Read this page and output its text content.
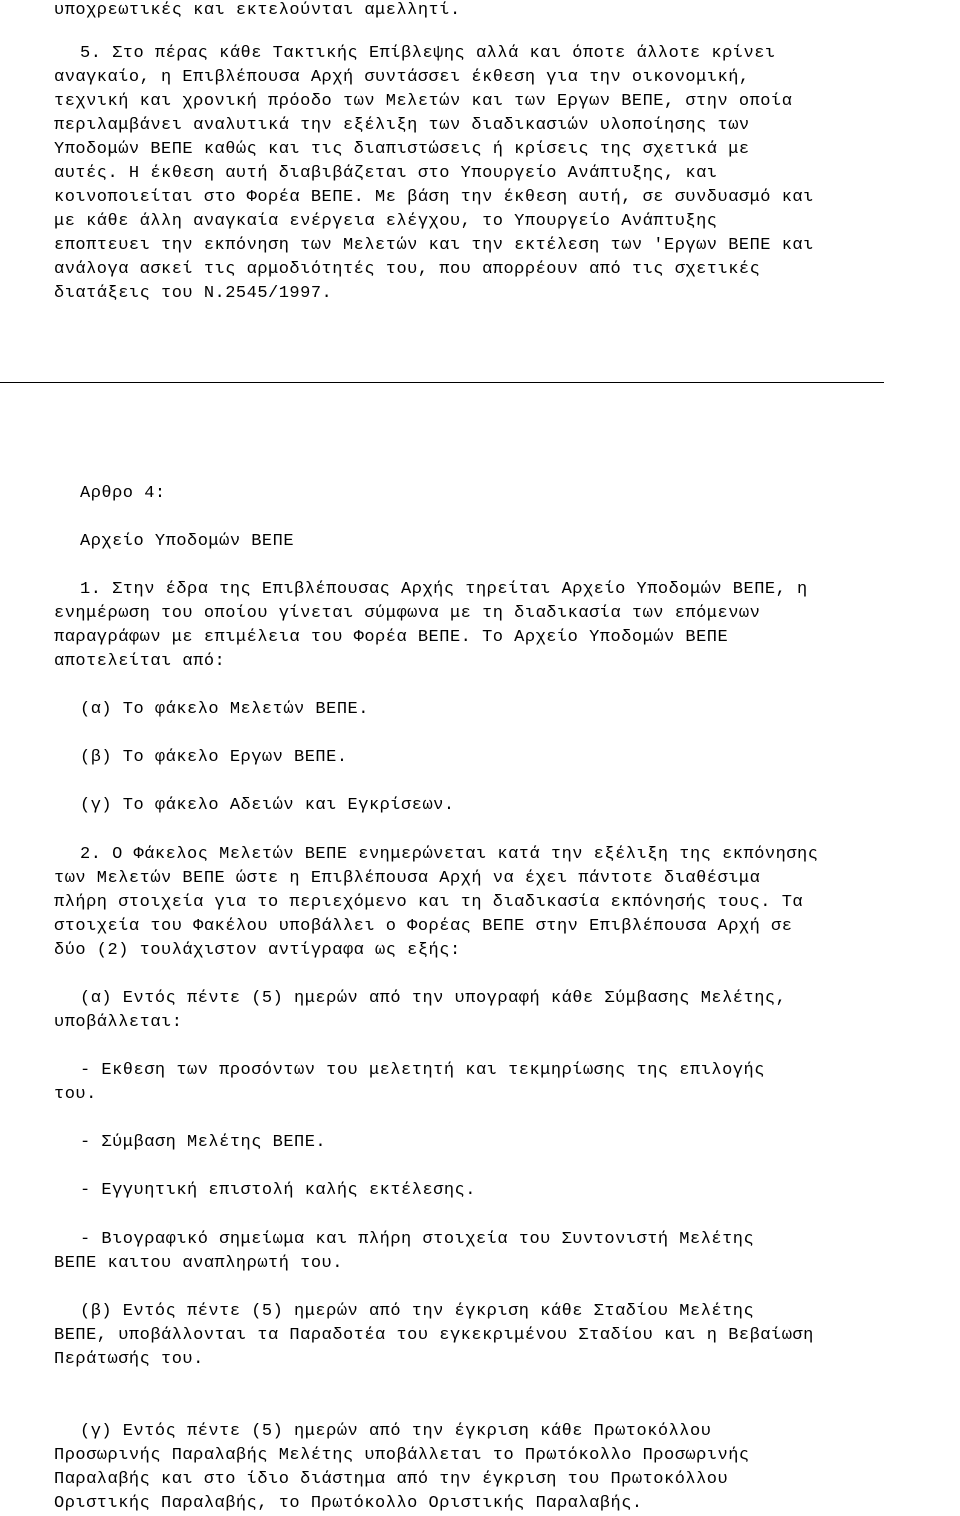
υποχρεωτικές και εκτελούνται αμελλητί.

5. Στο πέρας κάθε Τακτικής Επίβλεψης αλλά και όποτε άλλοτε κρίνει

αναγκαίο, η Επιβλέπουσα Αρχή συντάσσει έκθεση για την οικονομική,

τεχνική και χρονική πρόοδο των Μελετών και των Εργων ΒΕΠΕ, στην οποία

περιλαμβάνει αναλυτικά την εξέλιξη των διαδικασιών υλοποίησης των

Υποδομών ΒΕΠΕ καθώς και τις διαπιστώσεις ή κρίσεις της σχετικά με

αυτές. Η έκθεση αυτή διαβιβάζεται στο Υπουργείο Ανάπτυξης, και

κοινοποιείται στο Φορέα ΒΕΠΕ. Με βάση την έκθεση αυτή, σε συνδυασμό και

με κάθε άλλη αναγκαία ενέργεια ελέγχου, το Υπουργείο Ανάπτυξης

εποπτευει την εκπόνηση των Μελετών και την εκτέλεση των 'Εργων ΒΕΠΕ και

ανάλογα ασκεί τις αρμοδιότητές του, που απορρέουν από τις σχετικές

διατάξεις του Ν.2545/1997.

Αρθρο 4:

Αρχείο Υποδομών ΒΕΠΕ

1. Στην έδρα της Επιβλέπουσας Αρχής τηρείται Αρχείο Υποδομών ΒΕΠΕ, η

ενημέρωση του οποίου γίνεται σύμφωνα με τη διαδικασία των επόμενων

παραγράφων με επιμέλεια του Φορέα ΒΕΠΕ. Το Αρχείο Υποδομών ΒΕΠΕ

αποτελείται από:

(α) Το φάκελο Μελετών ΒΕΠΕ.

(β) Το φάκελο Εργων ΒΕΠΕ.

(γ) Το φάκελο Αδειών και Εγκρίσεων.

2. Ο Φάκελος Μελετών ΒΕΠΕ ενημερώνεται κατά την εξέλιξη της εκπόνησης

των Μελετών ΒΕΠΕ ώστε η Επιβλέπουσα Αρχή να έχει πάντοτε διαθέσιμα

πλήρη στοιχεία για το περιεχόμενο και τη διαδικασία εκπόνησής τους. Τα

στοιχεία του Φακέλου υποβάλλει ο Φορέας ΒΕΠΕ στην Επιβλέπουσα Αρχή σε

δύο (2) τουλάχιστον αντίγραφα ως εξής:

(α) Εντός πέντε (5) ημερών από την υπογραφή κάθε Σύμβασης Μελέτης,

υποβάλλεται:

- Εκθεση των προσόντων του μελετητή και τεκμηρίωσης της επιλογής

του.

- Σύμβαση Μελέτης ΒΕΠΕ.

- Εγγυητική επιστολή καλής εκτέλεσης.

- Βιογραφικό σημείωμα και πλήρη στοιχεία του Συντονιστή Μελέτης

ΒΕΠΕ καιτου αναπληρωτή του.

(β) Εντός πέντε (5) ημερών από την έγκριση κάθε Σταδίου Μελέτης

ΒΕΠΕ, υποβάλλονται τα Παραδοτέα του εγκεκριμένου Σταδίου και η Βεβαίωση

Περάτωσής του.

(γ) Εντός πέντε (5) ημερών από την έγκριση κάθε Πρωτοκόλλου

Προσωρινής Παραλαβής Μελέτης υποβάλλεται το Πρωτόκολλο Προσωρινής

Παραλαβής και στο ίδιο διάστημα από την έγκριση του Πρωτοκόλλου

Οριστικής Παραλαβής, το Πρωτόκολλο Οριστικής Παραλαβής.
